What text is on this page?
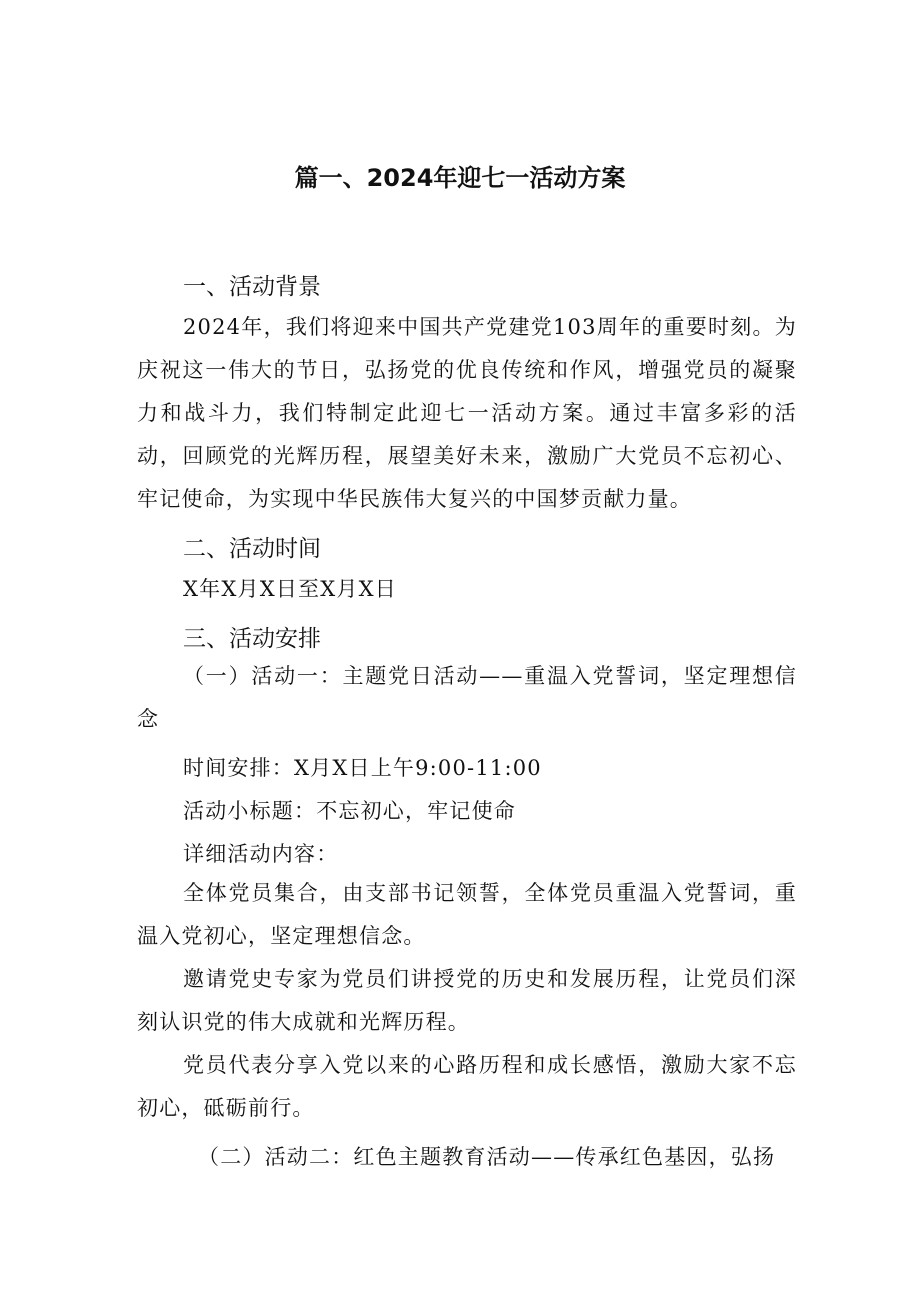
篇一、2024年迎七一活动方案
一、活动背景
2024年，我们将迎来中国共产党建党103周年的重要时刻。为庆祝这一伟大的节日，弘扬党的优良传统和作风，增强党员的凝聚力和战斗力，我们特制定此迎七一活动方案。通过丰富多彩的活动，回顾党的光辉历程，展望美好未来，激励广大党员不忘初心、牢记使命，为实现中华民族伟大复兴的中国梦贡献力量。
二、活动时间
X年X月X日至X月X日
三、活动安排
（一）活动一：主题党日活动——重温入党誓词，坚定理想信念
时间安排：X月X日上午9:00-11:00
活动小标题：不忘初心，牢记使命
详细活动内容：
全体党员集合，由支部书记领誓，全体党员重温入党誓词，重温入党初心，坚定理想信念。
邀请党史专家为党员们讲授党的历史和发展历程，让党员们深刻认识党的伟大成就和光辉历程。
党员代表分享入党以来的心路历程和成长感悟，激励大家不忘初心，砥砺前行。
（二）活动二：红色主题教育活动——传承红色基因，弘扬
